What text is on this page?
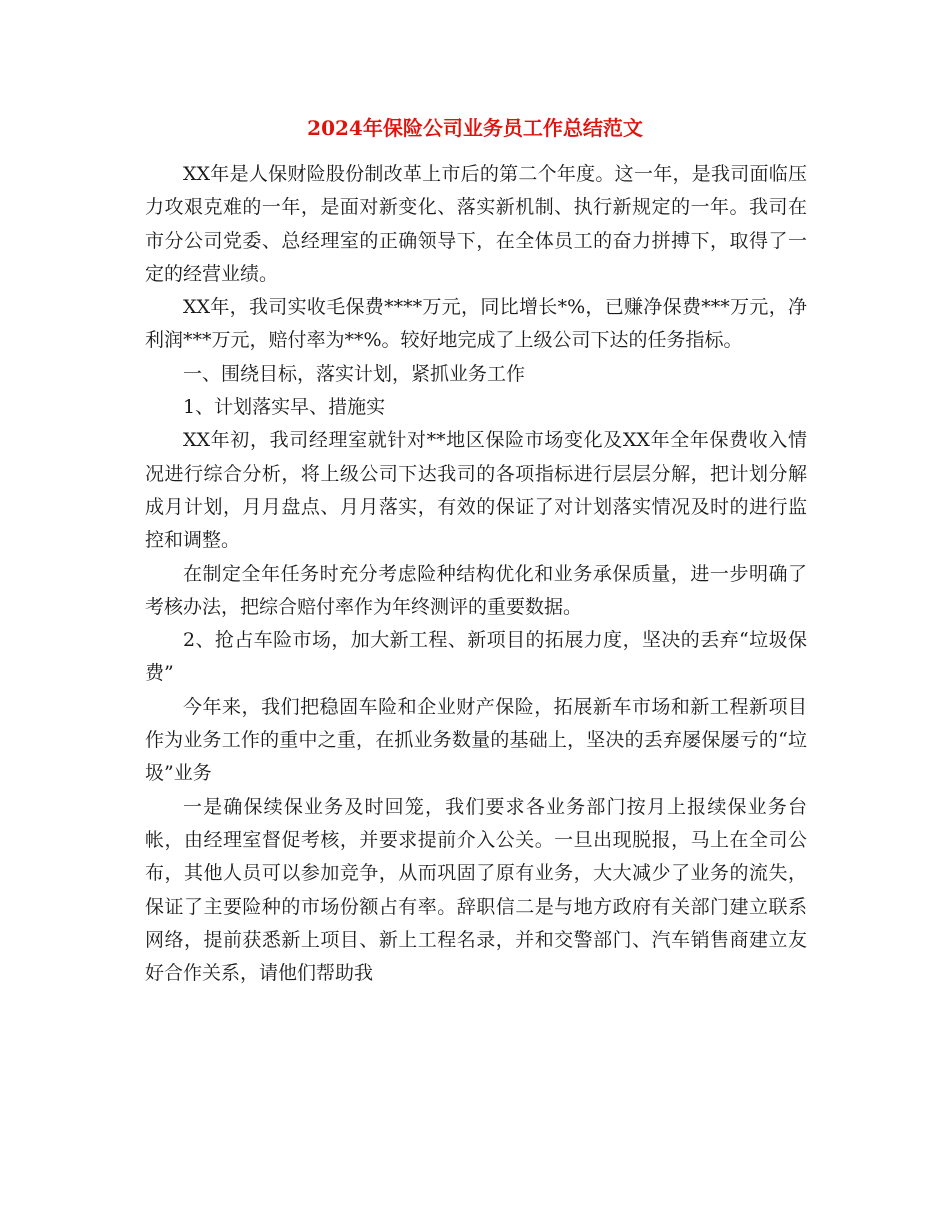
2024年保险公司业务员工作总结范文

XX年是人保财险股份制改革上市后的第二个年度。这一年，是我司面临压力攻艰克难的一年，是面对新变化、落实新机制、执行新规定的一年。我司在市分公司党委、总经理室的正确领导下，在全体员工的奋力拼搏下，取得了一定的经营业绩。

XX年，我司实收毛保费****万元，同比增长*%，已赚净保费***万元，净利润***万元，赔付率为**%。较好地完成了上级公司下达的任务指标。

一、围绕目标，落实计划，紧抓业务工作

1、计划落实早、措施实

XX年初，我司经理室就针对**地区保险市场变化及XX年全年保费收入情况进行综合分析，将上级公司下达我司的各项指标进行层层分解，把计划分解成月计划，月月盘点、月月落实，有效的保证了对计划落实情况及时的进行监控和调整。

在制定全年任务时充分考虑险种结构优化和业务承保质量，进一步明确了考核办法，把综合赔付率作为年终测评的重要数据。

2、抢占车险市场，加大新工程、新项目的拓展力度，坚决的丢弃“垃圾保费”

今年来，我们把稳固车险和企业财产保险，拓展新车市场和新工程新项目作为业务工作的重中之重，在抓业务数量的基础上，坚决的丢弃屡保屡亏的“垃圾”业务

一是确保续保业务及时回笼，我们要求各业务部门按月上报续保业务台帐，由经理室督促考核，并要求提前介入公关。一旦出现脱报，马上在全司公布，其他人员可以参加竞争，从而巩固了原有业务，大大减少了业务的流失，保证了主要险种的市场份额占有率。辞职信二是与地方政府有关部门建立联系网络，提前获悉新上项目、新上工程名录，并和交警部门、汽车销售商建立友好合作关系，请他们帮助我
